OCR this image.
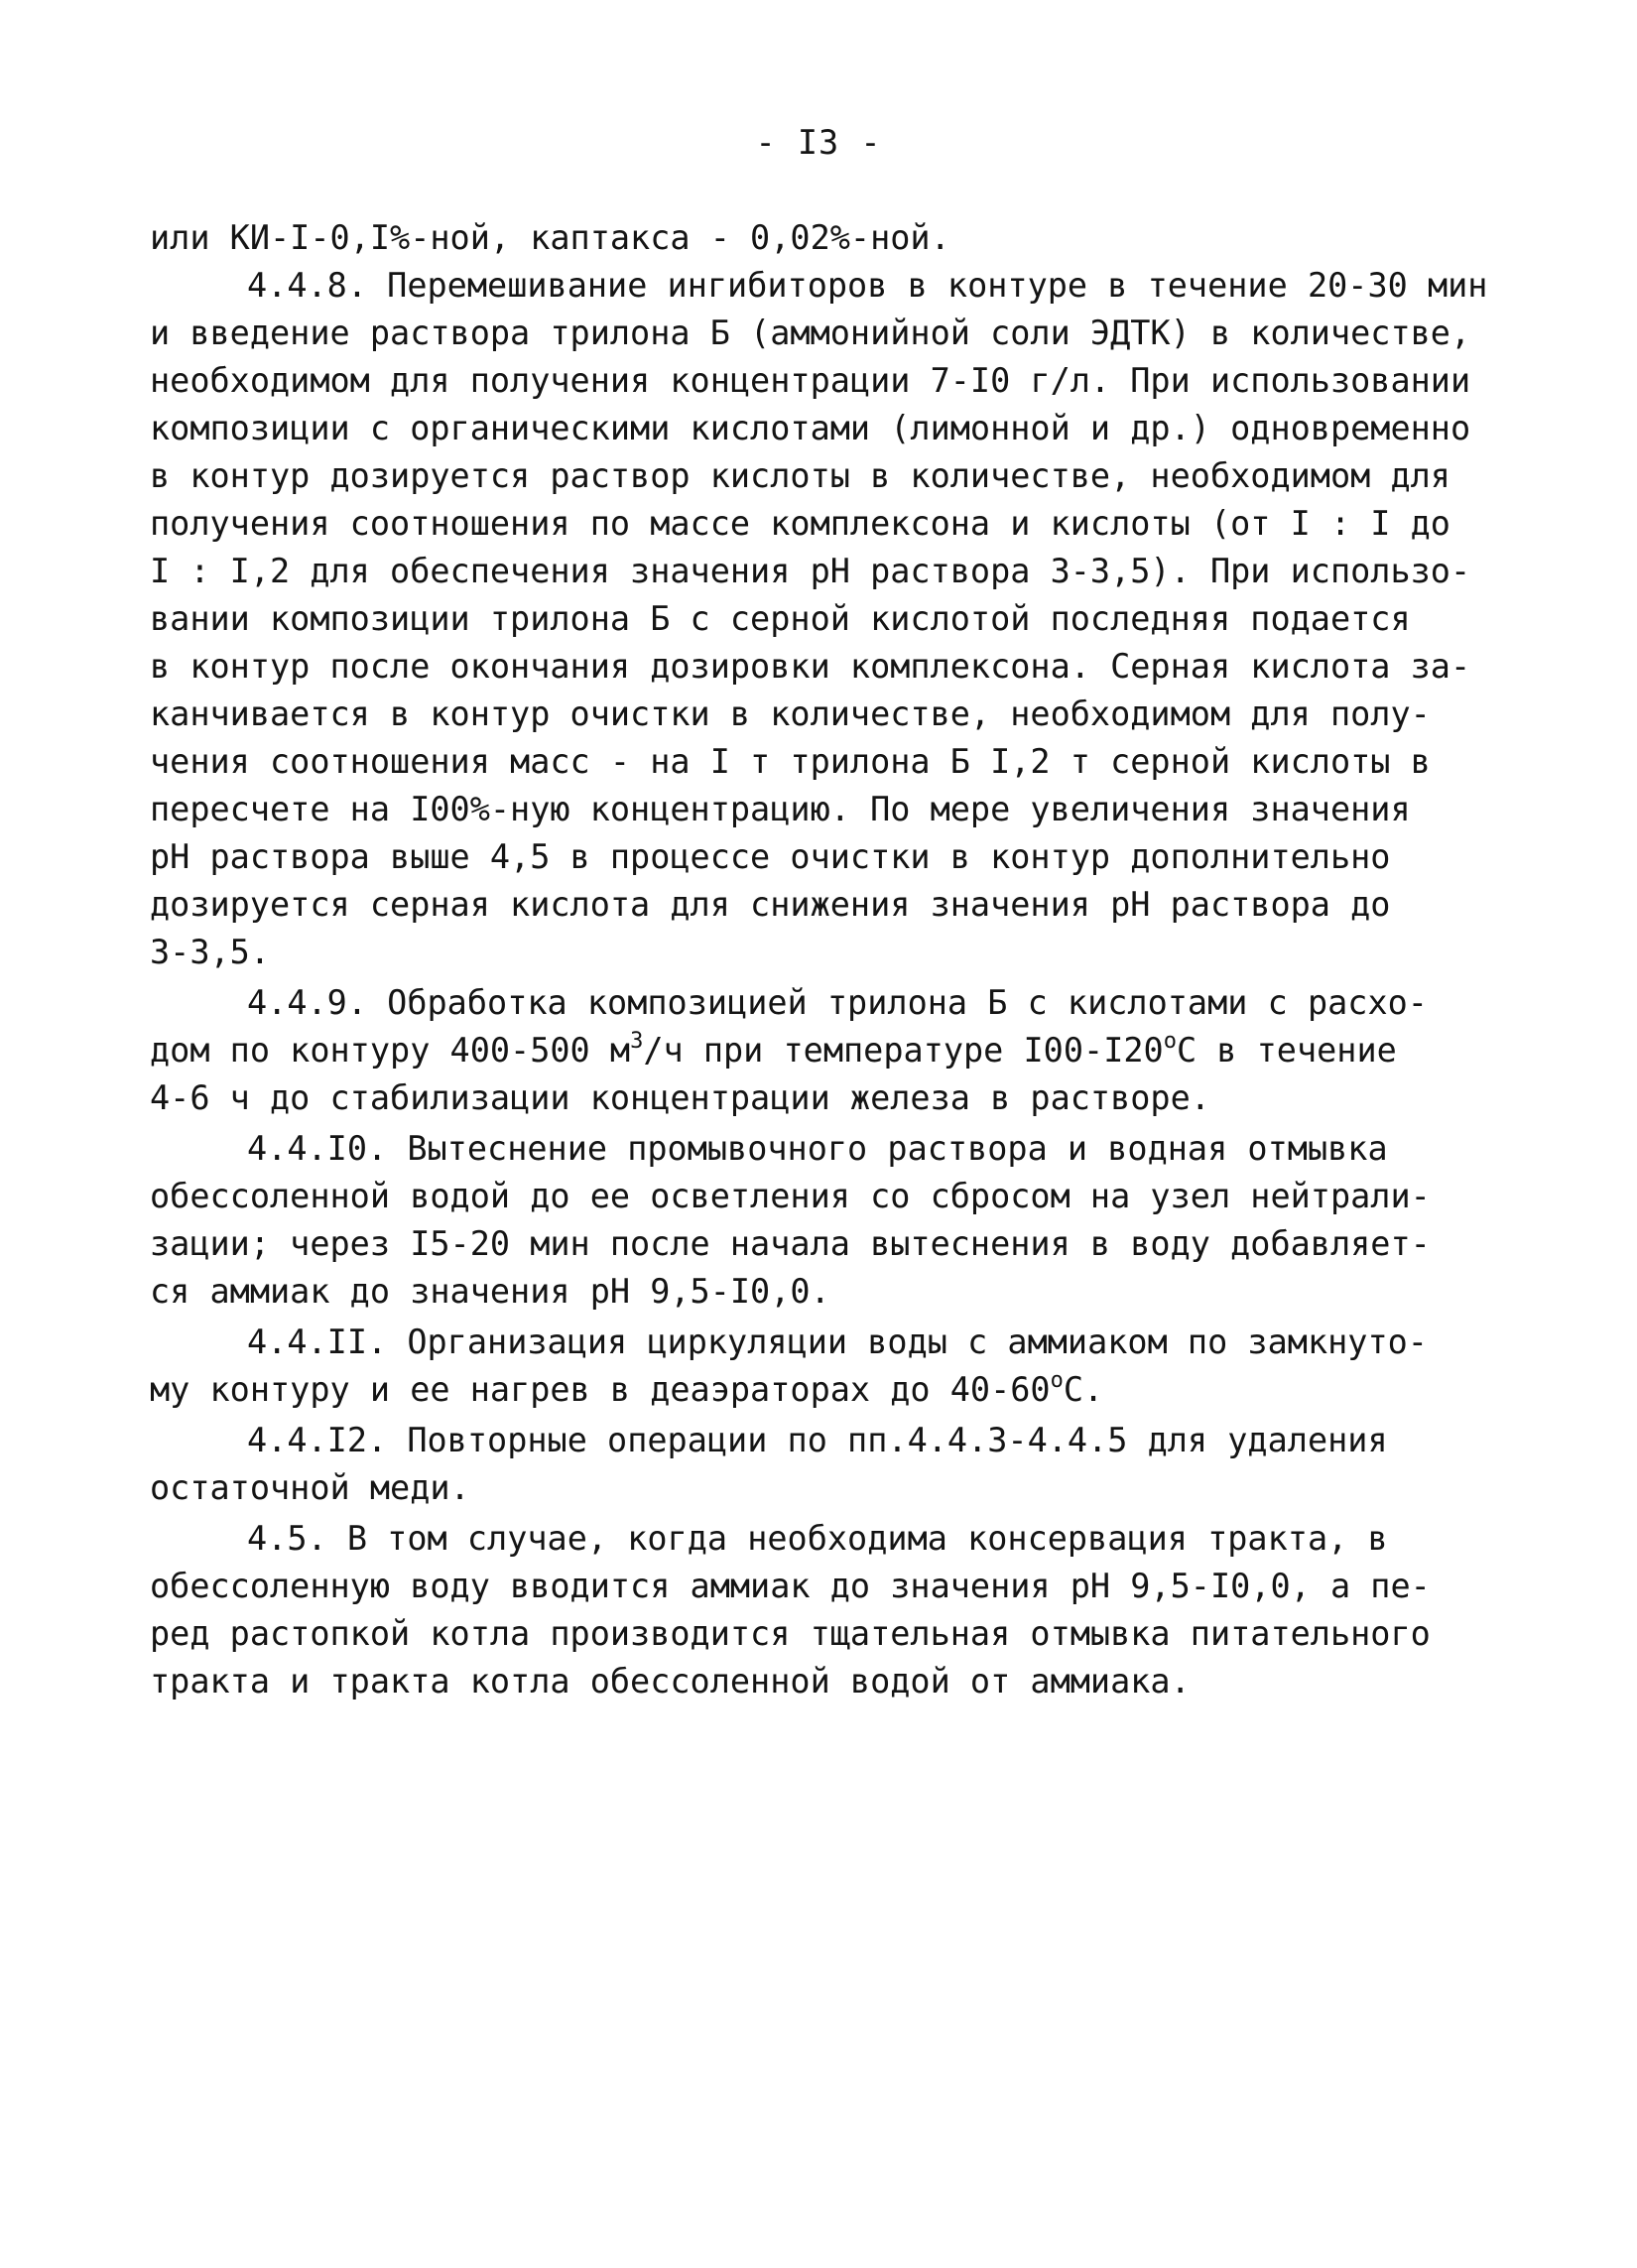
- I3 -
или КИ-I-0,I%-ной, каптакса - 0,02%-ной.
4.4.8. Перемешивание ингибиторов в контуре в течение 20-30 мин
и введение раствора трилона Б (аммонийной соли ЭДТК) в количестве,
необходимом для получения концентрации 7-I0 г/л. При использовании
композиции с органическими кислотами (лимонной и др.) одновременно
в контур дозируется раствор кислоты в количестве, необходимом для
получения соотношения по массе комплексона и кислоты (от I : I до
I : I,2 для обеспечения значения рН раствора 3-3,5). При использо-
вании композиции трилона Б с серной кислотой последняя подается
в контур после окончания дозировки комплексона. Серная кислота за-
канчивается в контур очистки в количестве, необходимом для полу-
чения соотношения масс - на I т трилона Б I,2 т серной кислоты в
пересчете на I00%-ную концентрацию. По мере увеличения значения
рН раствора выше 4,5 в процессе очистки в контур дополнительно
дозируется серная кислота для снижения значения рН раствора до
3-3,5.
4.4.9. Обработка композицией трилона Б с кислотами с расхо-
дом по контуру 400-500 $м^3/ч$ при температуре $I00-I20^оС$ в течение
4-6 ч до стабилизации концентрации железа в растворе.
4.4.I0. Вытеснение промывочного раствора и водная отмывка
обессоленной водой до ее осветления со сбросом на узел нейтрали-
зации; через I5-20 мин после начала вытеснения в воду добавляет-
ся аммиак до значения рН 9,5-I0,0.
4.4.II. Организация циркуляции воды с аммиаком по замкнуто-
му контуру и ее нагрев в деаэраторах до $40-60^оС$.
4.4.I2. Повторные операции по пп.4.4.3-4.4.5 для удаления
остаточной меди.
4.5. В том случае, когда необходима консервация тракта, в
обессоленную воду вводится аммиак до значения рН 9,5-I0,0, а пе-
ред растопкой котла производится тщательная отмывка питательного
тракта и тракта котла обессоленной водой от аммиака.
